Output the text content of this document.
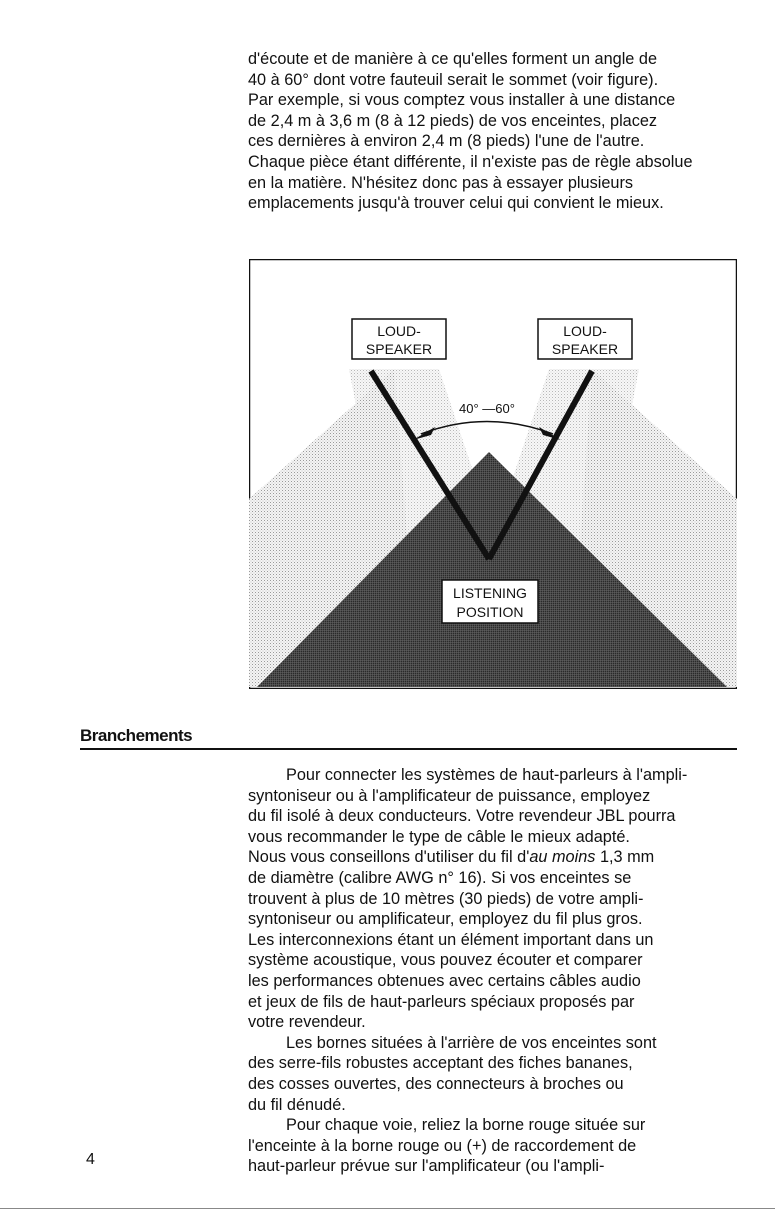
d'écoute et de manière à ce qu'elles forment un angle de
40 à 60° dont votre fauteuil serait le sommet (voir figure).
Par exemple, si vous comptez vous installer à une distance
de 2,4 m à 3,6 m (8 à 12 pieds) de vos enceintes, placez
ces dernières à environ 2,4 m (8 pieds) l'une de l'autre.
Chaque pièce étant différente, il n'existe pas de règle absolue
en la matière. N'hésitez donc pas à essayer plusieurs
emplacements jusqu'à trouver celui qui convient le mieux.
40° —60°
LOUD-
SPEAKER
LOUD-
SPEAKER
LISTENING
POSITION
Branchements
Pour connecter les systèmes de haut-parleurs à l'ampli-
syntoniseur ou à l'amplificateur de puissance, employez
du fil isolé à deux conducteurs. Votre revendeur JBL pourra
vous recommander le type de câble le mieux adapté.
Nous vous conseillons d'utiliser du fil d'au moins 1,3 mm
de diamètre (calibre AWG n° 16). Si vos enceintes se
trouvent à plus de 10 mètres (30 pieds) de votre ampli-
syntoniseur ou amplificateur, employez du fil plus gros.
Les interconnexions étant un élément important dans un
système acoustique, vous pouvez écouter et comparer
les performances obtenues avec certains câbles audio
et jeux de fils de haut-parleurs spéciaux proposés par
votre revendeur.
Les bornes situées à l'arrière de vos enceintes sont
des serre-fils robustes acceptant des fiches bananes,
des cosses ouvertes, des connecteurs à broches ou
du fil dénudé.
Pour chaque voie, reliez la borne rouge située sur
l'enceinte à la borne rouge ou (+) de raccordement de
haut-parleur prévue sur l'amplificateur (ou l'ampli-
4
